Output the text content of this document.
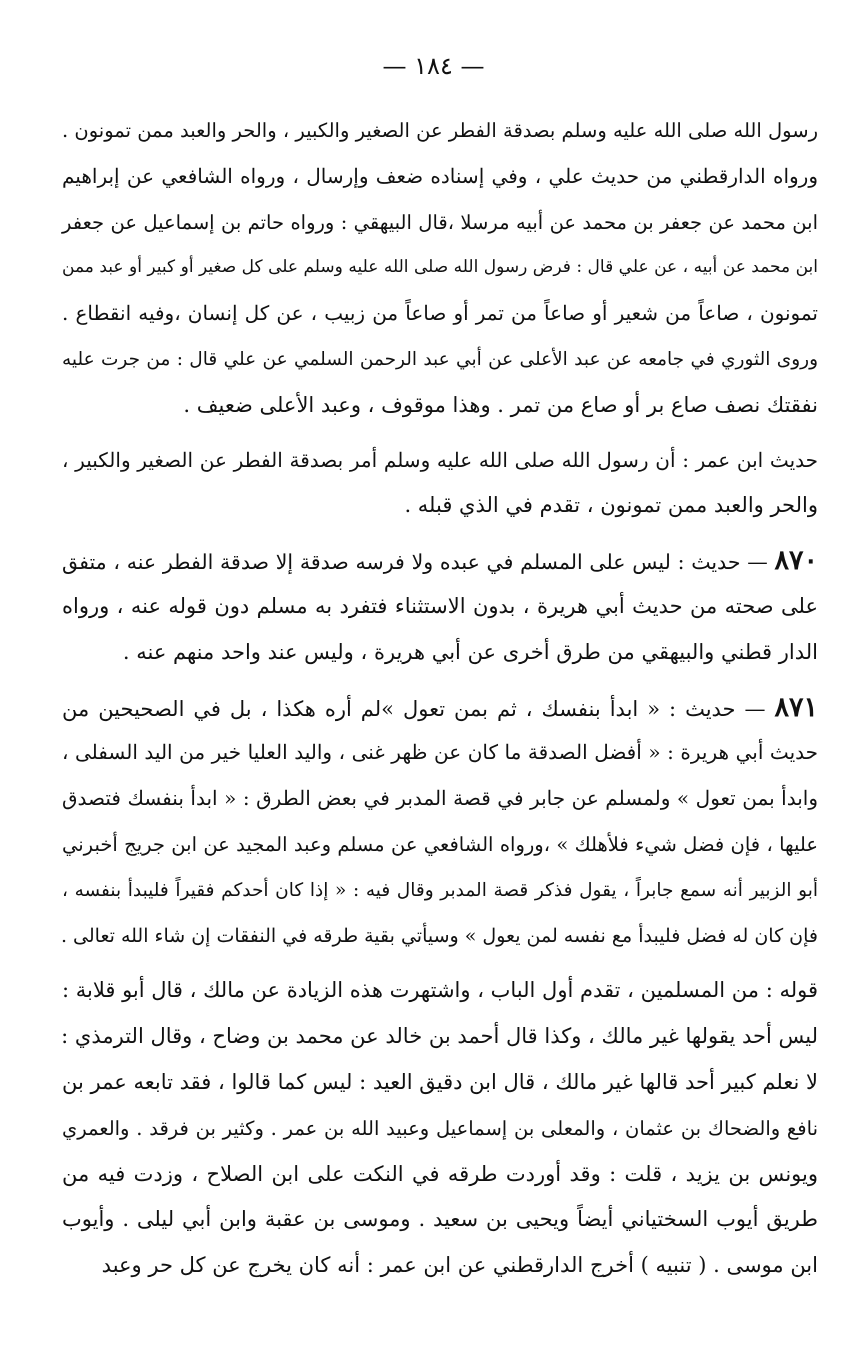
— ١٨٤ —
رسول الله صلى الله عليه وسلم بصدقة الفطر عن الصغير والكبير ، والحر والعبد ممن تمونون .
ورواه الدارقطني من حديث علي ، وفي إسناده ضعف وإرسال ، ورواه الشافعي عن إبراهيم
ابن محمد عن جعفر بن محمد عن أبيه مرسلا ،قال البيهقي : ورواه حاتم بن إسماعيل عن جعفر
ابن محمد عن أبيه ، عن علي قال : فرض رسول الله صلى الله عليه وسلم على كل صغير أو كبير أو عبد ممن
تمونون ، صاعاً من شعير أو صاعاً من تمر أو صاعاً من زبيب ، عن كل إنسان ،وفيه انقطاع .
وروى الثوري في جامعه عن عبد الأعلى عن أبي عبد الرحمن السلمي عن علي قال : من جرت عليه
نفقتك نصف صاع بر أو صاع من تمر . وهذا موقوف ، وعبد الأعلى ضعيف .
حديث ابن عمر : أن رسول الله صلى الله عليه وسلم أمر بصدقة الفطر عن الصغير والكبير ،
والحر والعبد ممن تمونون ، تقدم في الذي قبله .
٨٧٠ — حديث : ليس على المسلم في عبده ولا فرسه صدقة إلا صدقة الفطر عنه ، متفق
على صحته من حديث أبي هريرة ، بدون الاستثناء فتفرد به مسلم دون قوله عنه ، ورواه
الدار قطني والبيهقي من طرق أخرى عن أبي هريرة ، وليس عند واحد منهم عنه .
٨٧١ — حديث : « ابدأ بنفسك ، ثم بمن تعول »لم أره هكذا ، بل في الصحيحين من
حديث أبي هريرة : « أفضل الصدقة ما كان عن ظهر غنى ، واليد العليا خير من اليد السفلى ،
وابدأ بمن تعول » ولمسلم عن جابر في قصة المدبر في بعض الطرق : « ابدأ بنفسك فتصدق
عليها ، فإن فضل شيء فلأهلك » ،ورواه الشافعي عن مسلم وعبد المجيد عن ابن جريج أخبرني
أبو الزبير أنه سمع جابراً ، يقول فذكر قصة المدبر وقال فيه : « إذا كان أحدكم فقيراً فليبدأ بنفسه ،
فإن كان له فضل فليبدأ مع نفسه لمن يعول » وسيأتي بقية طرقه في النفقات إن شاء الله تعالى .
قوله : من المسلمين ، تقدم أول الباب ، واشتهرت هذه الزيادة عن مالك ، قال أبو قلابة :
ليس أحد يقولها غير مالك ، وكذا قال أحمد بن خالد عن محمد بن وضاح ، وقال الترمذي :
لا نعلم كبير أحد قالها غير مالك ، قال ابن دقيق العيد : ليس كما قالوا ، فقد تابعه عمر بن
نافع والضحاك بن عثمان ، والمعلى بن إسماعيل وعبيد الله بن عمر . وكثير بن فرقد . والعمري
ويونس بن يزيد ، قلت : وقد أوردت طرقه في النكت على ابن الصلاح ، وزدت فيه من
طريق أيوب السختياني أيضاً ويحيى بن سعيد . وموسى بن عقبة وابن أبي ليلى . وأيوب
ابن موسى . ( تنبيه ) أخرج الدارقطني عن ابن عمر : أنه كان يخرج عن كل حر وعبد
